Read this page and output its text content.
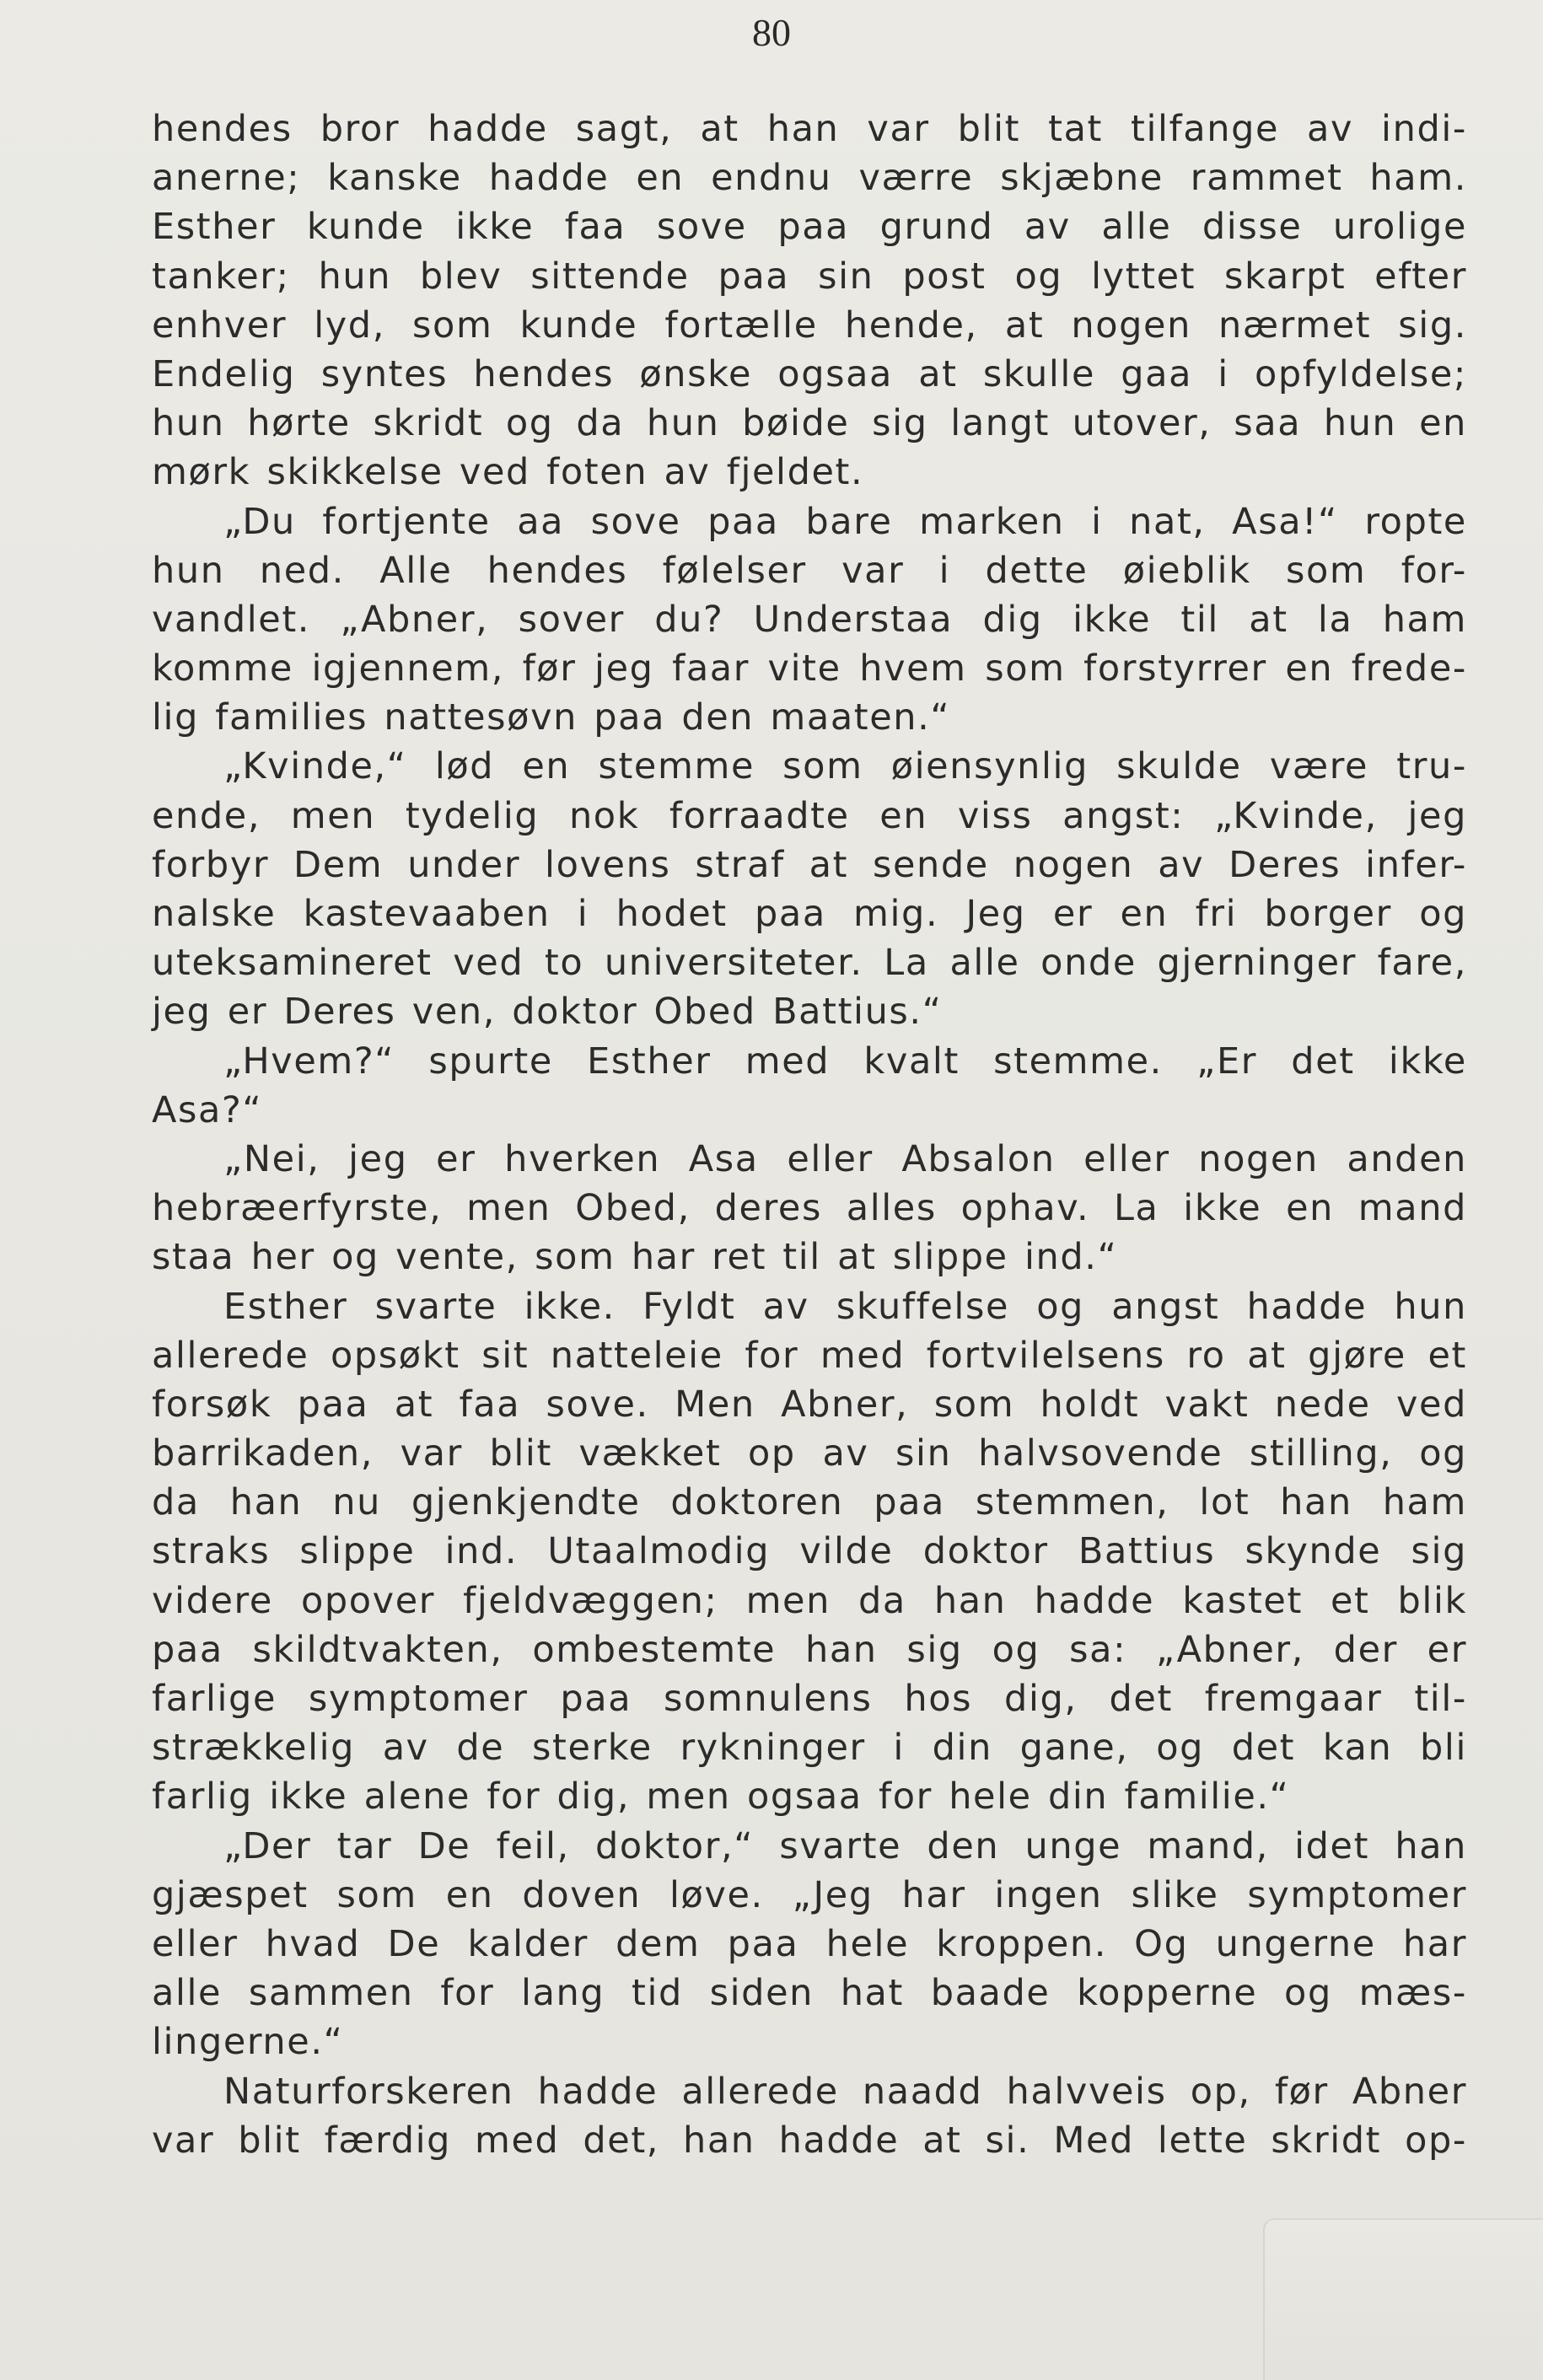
80
hendes bror hadde sagt, at han var blit tat tilfange av indi-
anerne; kanske hadde en endnu værre skjæbne rammet ham.
Esther kunde ikke faa sove paa grund av alle disse urolige
tanker; hun blev sittende paa sin post og lyttet skarpt efter
enhver lyd, som kunde fortælle hende, at nogen nærmet sig.
Endelig syntes hendes ønske ogsaa at skulle gaa i opfyldelse;
hun hørte skridt og da hun bøide sig langt utover, saa hun en
mørk skikkelse ved foten av fjeldet.
„Du fortjente aa sove paa bare marken i nat, Asa!“ ropte
hun ned. Alle hendes følelser var i dette øieblik som for-
vandlet. „Abner, sover du? Understaa dig ikke til at la ham
komme igjennem, før jeg faar vite hvem som forstyrrer en frede-
lig families nattesøvn paa den maaten.“
„Kvinde,“ lød en stemme som øiensynlig skulde være tru-
ende, men tydelig nok forraadte en viss angst: „Kvinde, jeg
forbyr Dem under lovens straf at sende nogen av Deres infer-
nalske kastevaaben i hodet paa mig. Jeg er en fri borger og
uteksamineret ved to universiteter. La alle onde gjerninger fare,
jeg er Deres ven, doktor Obed Battius.“
„Hvem?“ spurte Esther med kvalt stemme. „Er det ikke
Asa?“
„Nei, jeg er hverken Asa eller Absalon eller nogen anden
hebræerfyrste, men Obed, deres alles ophav. La ikke en mand
staa her og vente, som har ret til at slippe ind.“
Esther svarte ikke. Fyldt av skuffelse og angst hadde hun
allerede opsøkt sit natteleie for med fortvilelsens ro at gjøre et
forsøk paa at faa sove. Men Abner, som holdt vakt nede ved
barrikaden, var blit vækket op av sin halvsovende stilling, og
da han nu gjenkjendte doktoren paa stemmen, lot han ham
straks slippe ind. Utaalmodig vilde doktor Battius skynde sig
videre opover fjeldvæggen; men da han hadde kastet et blik
paa skildtvakten, ombestemte han sig og sa: „Abner, der er
farlige symptomer paa somnulens hos dig, det fremgaar til-
strækkelig av de sterke rykninger i din gane, og det kan bli
farlig ikke alene for dig, men ogsaa for hele din familie.“
„Der tar De feil, doktor,“ svarte den unge mand, idet han
gjæspet som en doven løve. „Jeg har ingen slike symptomer
eller hvad De kalder dem paa hele kroppen. Og ungerne har
alle sammen for lang tid siden hat baade kopperne og mæs-
lingerne.“
Naturforskeren hadde allerede naadd halvveis op, før Abner
var blit færdig med det, han hadde at si. Med lette skridt op-
